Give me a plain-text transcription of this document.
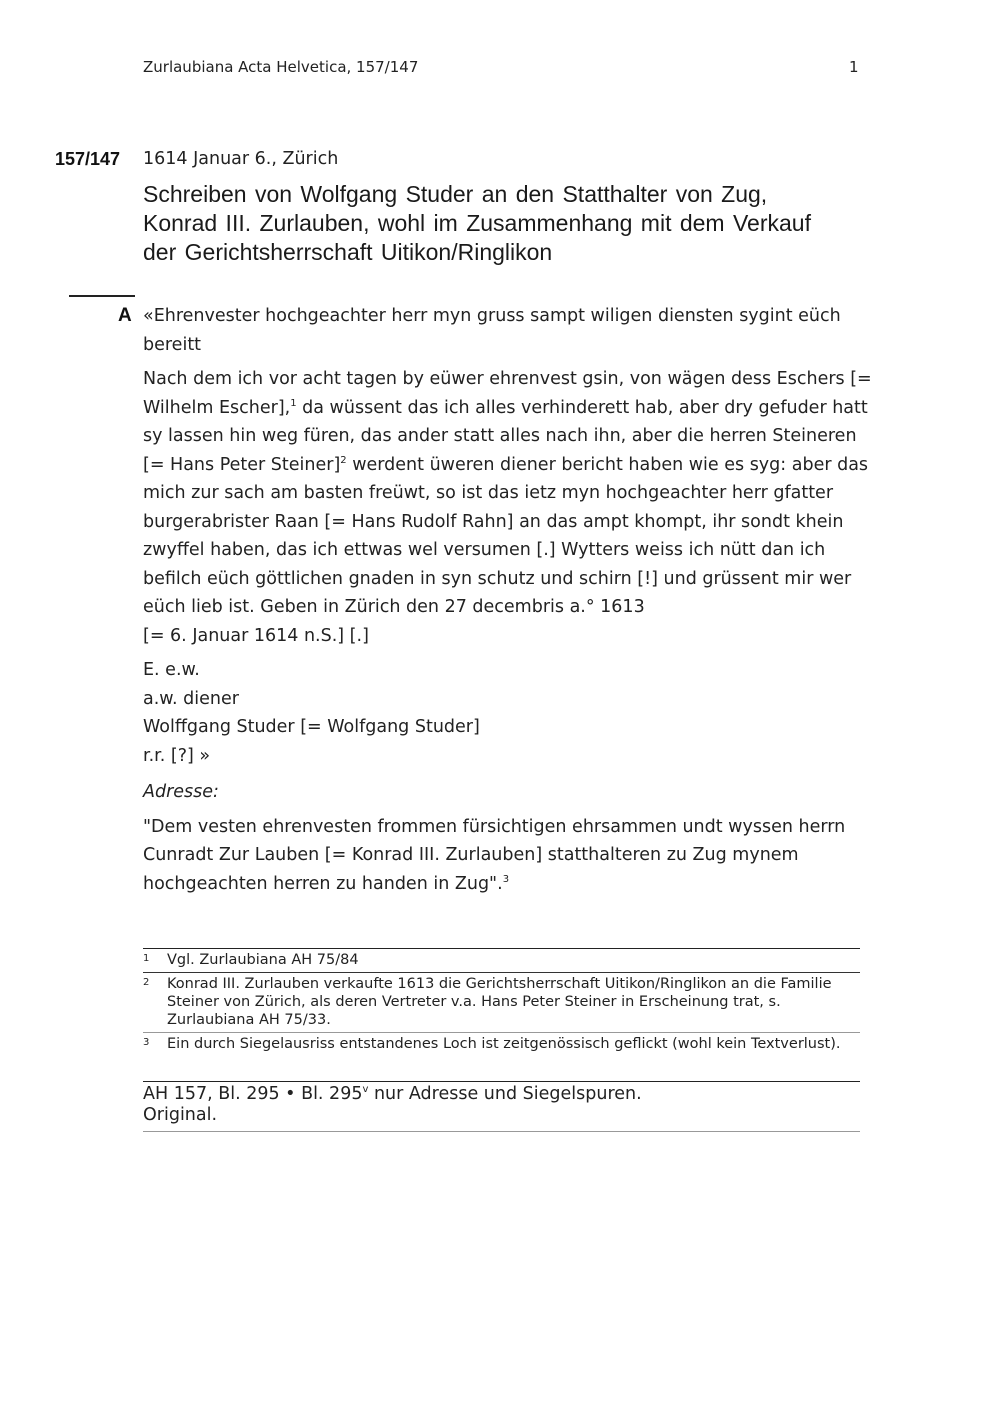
Zurlaubiana Acta Helvetica, 157/147	1
157/147 1614 Januar 6., Zürich
Schreiben von Wolfgang Studer an den Statthalter von Zug, Konrad III. Zurlauben, wohl im Zusammenhang mit dem Verkauf der Gerichtsherrschaft Uitikon/Ringlikon
A «Ehrenvester hochgeachter herr myn gruss sampt wiligen diensten sygint eüch bereitt

Nach dem ich vor acht tagen by eüwer ehrenvest gsin, von wägen dess Eschers [= Wilhelm Escher],$^1$ da wüssent das ich alles verhinderett hab, aber dry gefuder hatt sy lassen hin weg füren, das ander statt alles nach ihn, aber die herren Steineren [= Hans Peter Steiner]$^2$ werdent üweren diener bericht haben wie es syg: aber das mich zur sach am basten freüwt, so ist das ietz myn hochgeachter herr gfatter burgerabrister Raan [= Hans Rudolf Rahn] an das ampt khompt, ihr sondt khein zwyffel haben, das ich ettwas wel versumen [.] Wytters weiss ich nütt dan ich befilch eüch göttlichen gnaden in syn schutz und schirn [!] und grüssent mir wer eüch lieb ist. Geben in Zürich den 27 decembris a.° 1613
[= 6. Januar 1614 n.S.] [.]

E. e.w.
a.w. diener
Wolffgang Studer [= Wolfgang Studer]
r.r. [?] »

Adresse:

"Dem vesten ehrenvesten frommen fürsichtigen ehrsammen undt wyssen herrn Cunradt Zur Lauben [= Konrad III. Zurlauben] statthalteren zu Zug mynem hochgeachten herren zu handen in Zug".$^3$

1	Vgl. Zurlaubiana AH 75/84
2	Konrad III. Zurlauben verkaufte 1613 die Gerichtsherrschaft Uitikon/Ringlikon an die Familie Steiner von Zürich, als deren Vertreter v.a. Hans Peter Steiner in Erscheinung trat, s. Zurlaubiana AH 75/33.
3	Ein durch Siegelausriss entstandenes Loch ist zeitgenössisch geflickt (wohl kein Textverlust).
AH 157, Bl. 295 • Bl. 295$^v$ nur Adresse und Siegelspuren.
Original.
